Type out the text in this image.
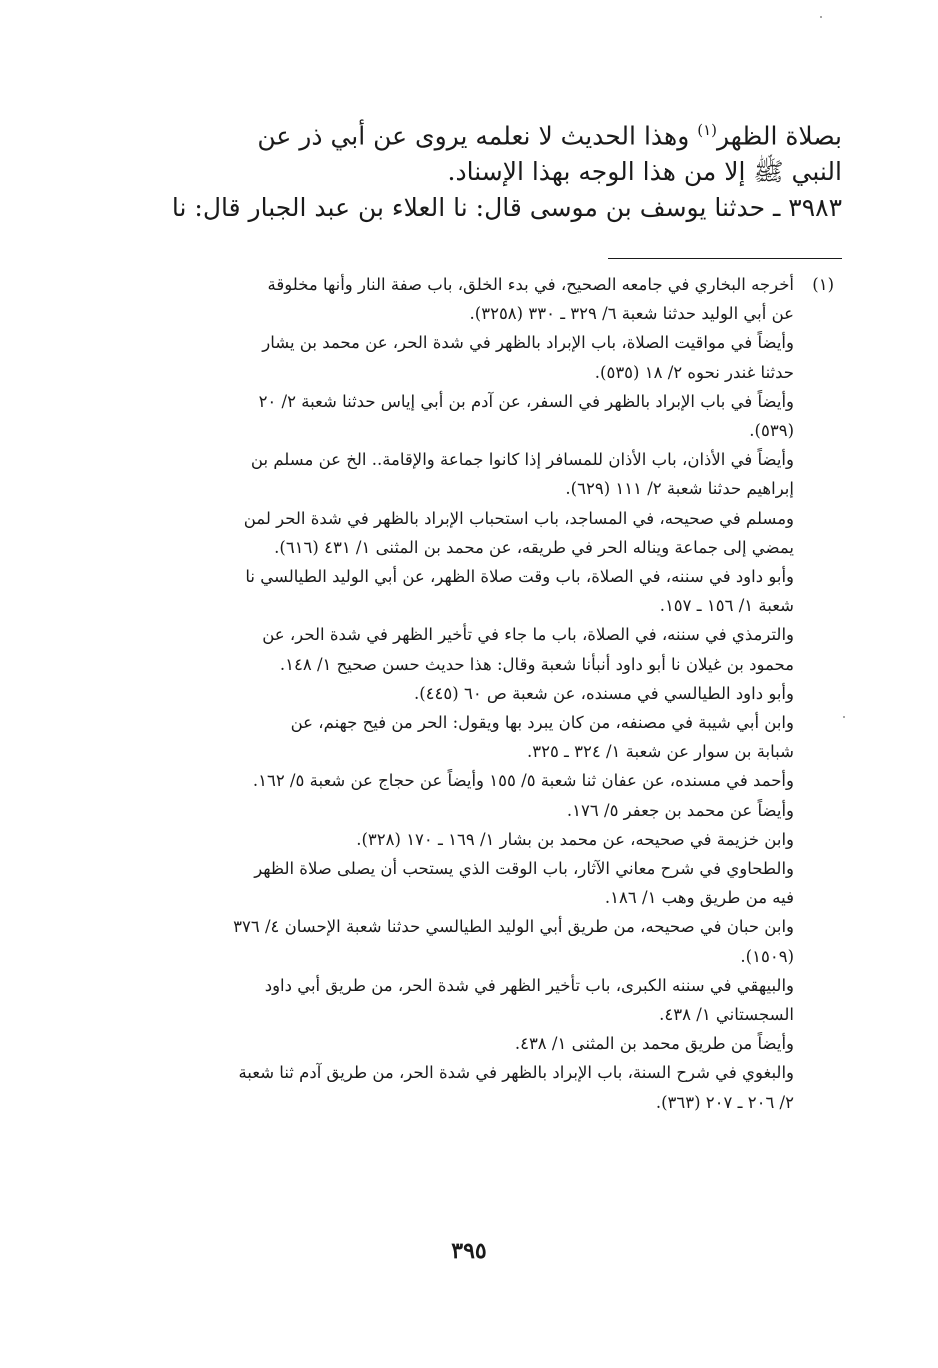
بصلاة الظهر$^{(١)}$ وهذا الحديث لا نعلمه يروى عن أبي ذر عن
النبي ﷺ إلا من هذا الوجه بهذا الإسناد.
٣٩٨٣ ـ حدثنا يوسف بن موسى قال: نا العلاء بن عبد الجبار قال: نا
(١)أخرجه البخاري في جامعه الصحيح، في بدء الخلق، باب صفة النار وأنها مخلوقة
عن أبي الوليد حدثنا شعبة ٦/ ٣٢٩ ـ ٣٣٠ (٣٢٥٨).
وأيضاً في مواقيت الصلاة، باب الإبراد بالظهر في شدة الحر، عن محمد بن يشار
حدثنا غندر نحوه ٢/ ١٨ (٥٣٥).
وأيضاً في باب الإبراد بالظهر في السفر، عن آدم بن أبي إياس حدثنا شعبة ٢/ ٢٠
(٥٣٩).
وأيضاً في الأذان، باب الأذان للمسافر إذا كانوا جماعة والإقامة.. الخ عن مسلم بن
إبراهيم حدثنا شعبة ٢/ ١١١ (٦٢٩).
ومسلم في صحيحه، في المساجد، باب استحباب الإبراد بالظهر في شدة الحر لمن
يمضي إلى جماعة ويناله الحر في طريقه، عن محمد بن المثنى ١/ ٤٣١ (٦١٦).
وأبو داود في سننه، في الصلاة، باب وقت صلاة الظهر، عن أبي الوليد الطيالسي نا
شعبة ١/ ١٥٦ ـ ١٥٧.
والترمذي في سننه، في الصلاة، باب ما جاء في تأخير الظهر في شدة الحر، عن
محمود بن غيلان نا أبو داود أنبأنا شعبة وقال: هذا حديث حسن صحيح ١/ ١٤٨.
وأبو داود الطيالسي في مسنده، عن شعبة ص ٦٠ (٤٤٥).
وابن أبي شيبة في مصنفه، من كان يبرد بها ويقول: الحر من فيح جهنم، عن
شبابة بن سوار عن شعبة ١/ ٣٢٤ ـ ٣٢٥.
وأحمد في مسنده، عن عفان ثنا شعبة ٥/ ١٥٥ وأيضاً عن حجاج عن شعبة ٥/ ١٦٢.
وأيضاً عن محمد بن جعفر ٥/ ١٧٦.
وابن خزيمة في صحيحه، عن محمد بن بشار ١/ ١٦٩ ـ ١٧٠ (٣٢٨).
والطحاوي في شرح معاني الآثار، باب الوقت الذي يستحب أن يصلى صلاة الظهر
فيه من طريق وهب ١/ ١٨٦.
وابن حبان في صحيحه، من طريق أبي الوليد الطيالسي حدثنا شعبة الإحسان ٤/ ٣٧٦
(١٥٠٩).
والبيهقي في سننه الكبرى، باب تأخير الظهر في شدة الحر، من طريق أبي داود
السجستاني ١/ ٤٣٨.
وأيضاً من طريق محمد بن المثنى ١/ ٤٣٨.
والبغوي في شرح السنة، باب الإبراد بالظهر في شدة الحر، من طريق آدم ثنا شعبة
٢/ ٢٠٦ ـ ٢٠٧ (٣٦٣).
٣٩٥
